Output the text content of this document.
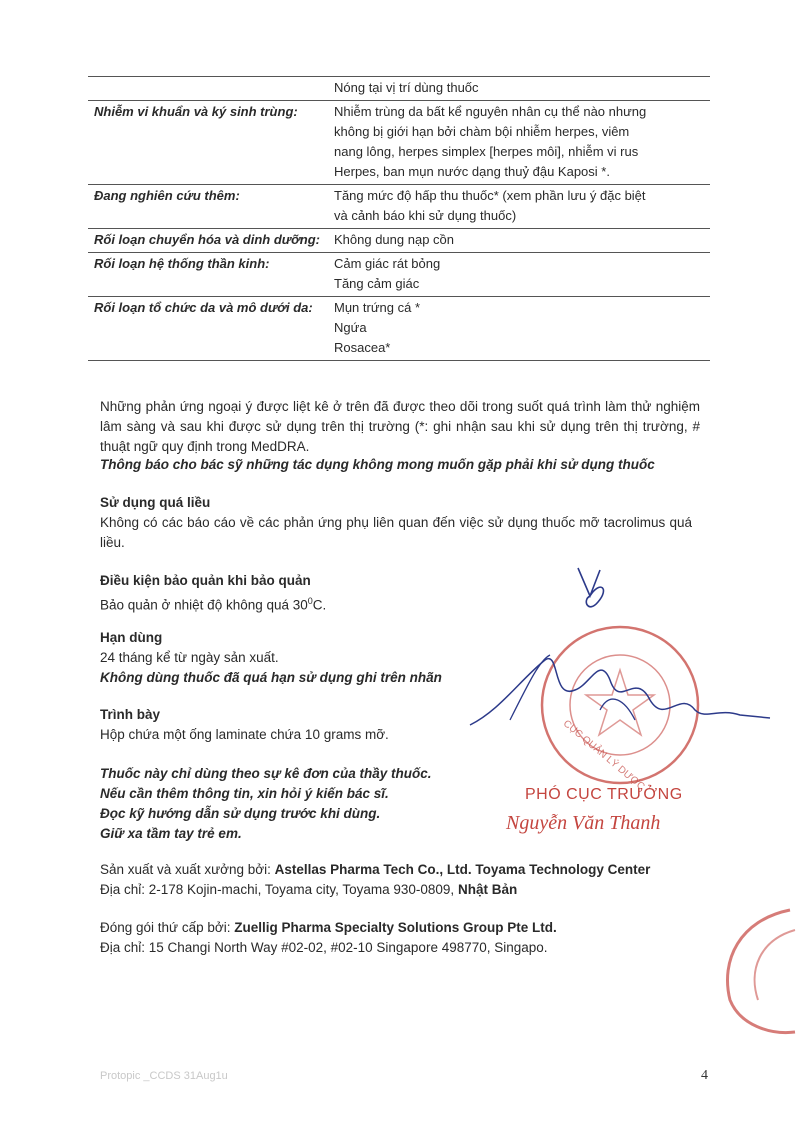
	Nóng tại vị trí dùng thuốc

Nhiễm vi khuẩn và ký sinh trùng:	Nhiễm trùng da bất kể nguyên nhân cụ thể nào nhưng
không bị giới hạn bởi chàm bội nhiễm herpes, viêm
nang lông, herpes simplex [herpes môi], nhiễm vi rus
Herpes, ban mụn nước dạng thuỷ đậu Kaposi *.

Đang nghiên cứu thêm:	Tăng mức độ hấp thu thuốc* (xem phần lưu ý đặc biệt
và cảnh báo khi sử dụng thuốc)

Rối loạn chuyển hóa và dinh dưỡng:	Không dung nạp cồn

Rối loạn hệ thống thần kinh:	Cảm giác rát bỏng
Tăng cảm giác

Rối loạn tổ chức da và mô dưới da:	Mụn trứng cá *
Ngứa
Rosacea*
Những phản ứng ngoại ý được liệt kê ở trên đã được theo dõi trong suốt quá trình làm thử nghiệm lâm sàng và sau khi được sử dụng trên thị trường (*: ghi nhận sau khi sử dụng trên thị trường, # thuật ngữ quy định trong MedDRA.
Thông báo cho bác sỹ những tác dụng không mong muốn gặp phải khi sử dụng thuốc
Sử dụng quá liều
Không có các báo cáo về các phản ứng phụ liên quan đến việc sử dụng thuốc mỡ tacrolimus quá liều.
Điều kiện bảo quản khi bảo quản
Bảo quản ở nhiệt độ không quá $30^0C$.
Hạn dùng
24 tháng kể từ ngày sản xuất.
Không dùng thuốc đã quá hạn sử dụng ghi trên nhãn
Trình bày
Hộp chứa một ống laminate chứa 10 grams mỡ.
Thuốc này chỉ dùng theo sự kê đơn của thầy thuốc.
Nếu cần thêm thông tin, xin hỏi ý kiến bác sĩ.
Đọc kỹ hướng dẫn sử dụng trước khi dùng.
Giữ xa tầm tay trẻ em.
Sản xuất và xuất xưởng bởi: Astellas Pharma Tech Co., Ltd. Toyama Technology Center
Địa chỉ: 2-178 Kojin-machi, Toyama city, Toyama 930-0809, Nhật Bản
Đóng gói thứ cấp bởi: Zuellig Pharma Specialty Solutions Group Pte Ltd.
Địa chỉ: 15 Changi North Way #02-02, #02-10 Singapore 498770, Singapo.
CỤC QUẢN LÝ DƯỢC
PHÓ CỤC TRƯỞNG
Nguyễn Văn Thanh
Protopic _CCDS 31Aug1u	4
